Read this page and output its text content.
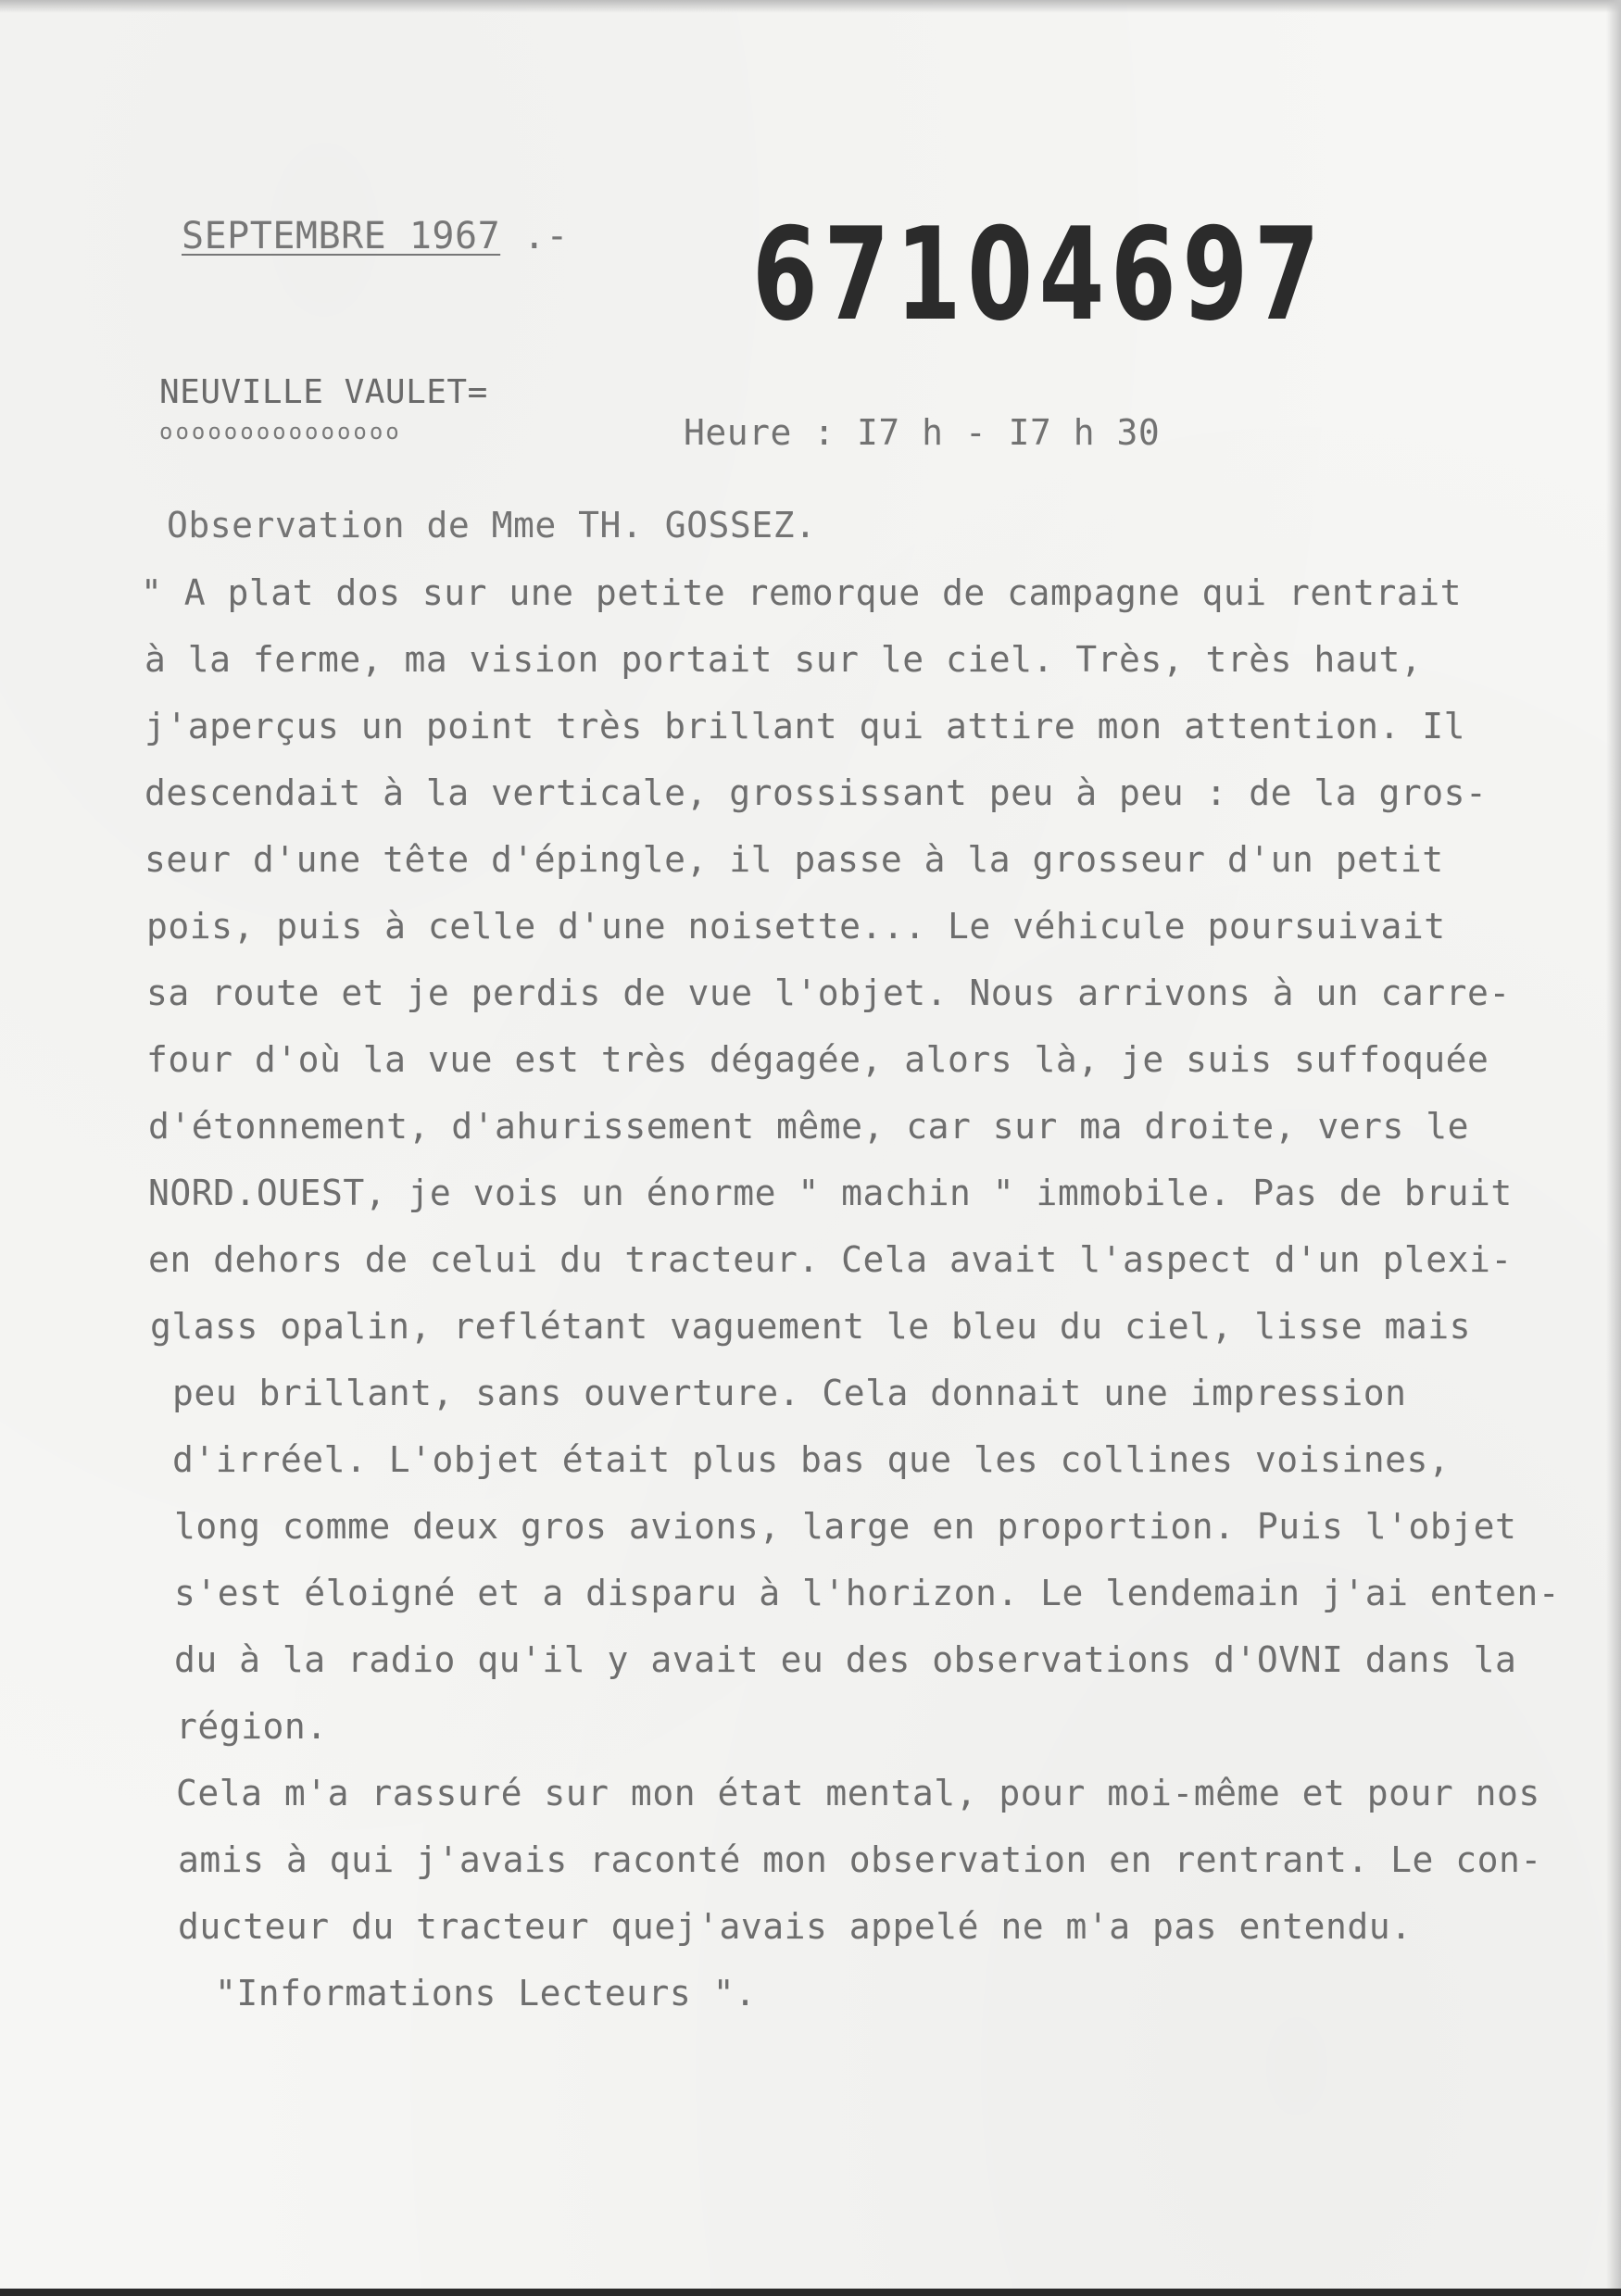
SEPTEMBRE 1967 .- 67104697
NEUVILLE VAULET=
ooooooooooooooo	Heure : I7 h - I7 h 30
Observation de Mme TH. GOSSEZ.
" A plat dos sur une petite remorque de campagne qui rentrait
à la ferme, ma vision portait sur le ciel. Très, très haut,
j'aperçus un point très brillant qui attire mon attention. Il
descendait à la verticale, grossissant peu à peu : de la gros-
seur d'une tête d'épingle, il passe à la grosseur d'un petit
pois, puis à celle d'une noisette... Le véhicule poursuivait
sa route et je perdis de vue l'objet. Nous arrivons à un carre-
four d'où la vue est très dégagée, alors là, je suis suffoquée
d'étonnement, d'ahurissement même, car sur ma droite, vers le
NORD.OUEST, je vois un énorme " machin " immobile. Pas de bruit
en dehors de celui du tracteur. Cela avait l'aspect d'un plexi-
glass opalin, reflétant vaguement le bleu du ciel, lisse mais
peu brillant, sans ouverture. Cela donnait une impression
d'irréel. L'objet était plus bas que les collines voisines,
long comme deux gros avions, large en proportion. Puis l'objet
s'est éloigné et a disparu à l'horizon. Le lendemain j'ai enten-
du à la radio qu'il y avait eu des observations d'OVNI dans la
région.
Cela m'a rassuré sur mon état mental, pour moi-même et pour nos
amis à qui j'avais raconté mon observation en rentrant. Le con-
ducteur du tracteur quej'avais appelé ne m'a pas entendu.
"Informations Lecteurs ".
